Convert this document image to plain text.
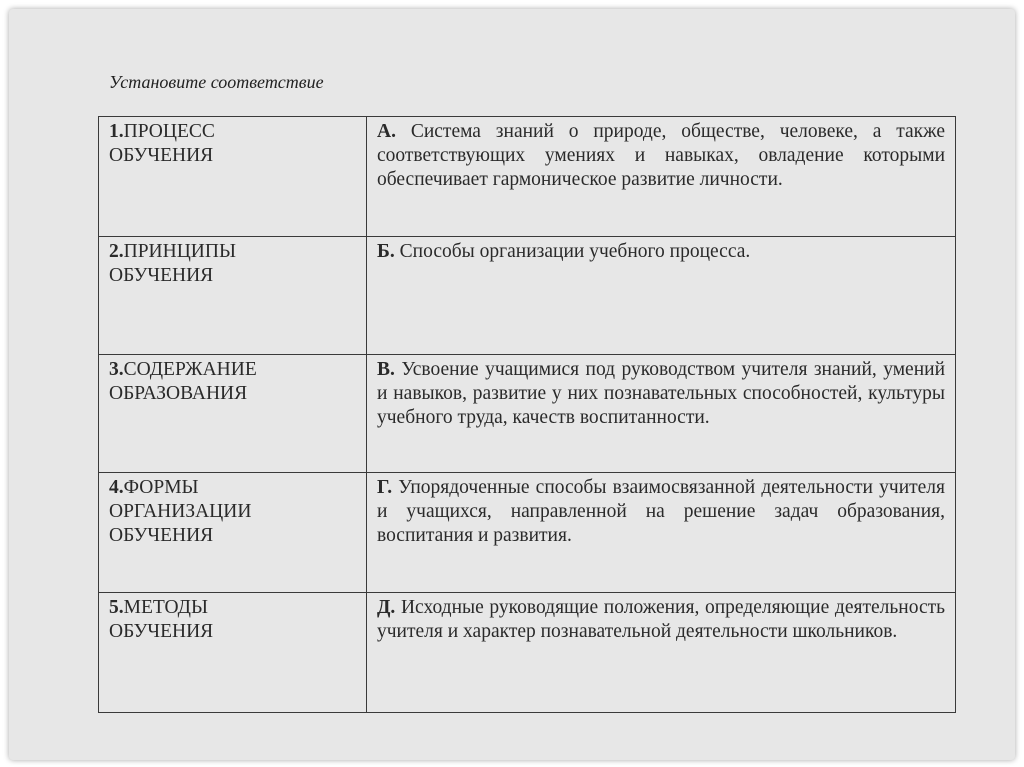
Установите соответствие
1.ПРОЦЕСС
ОБУЧЕНИЯ	А. Система знаний о природе, обществе, человеке, а также соответствующих умениях и навыках, овладение которыми обеспечивает гармоническое развитие личности.
2.ПРИНЦИПЫ
ОБУЧЕНИЯ	Б. Способы организации учебного процесса.
3.СОДЕРЖАНИЕ
ОБРАЗОВАНИЯ	В. Усвоение учащимися под руководством учителя знаний, умений и навыков, развитие у них познавательных способностей, культуры учебного труда, качеств воспитанности.
4.ФОРМЫ
ОРГАНИЗАЦИИ ОБУЧЕНИЯ	Г. Упорядоченные способы взаимосвязанной деятельности учителя и учащихся, направленной на решение задач образования, воспитания и развития.
5.МЕТОДЫ
ОБУЧЕНИЯ	Д. Исходные руководящие положения, определяющие деятельность учителя и характер познавательной деятельности школьников.
